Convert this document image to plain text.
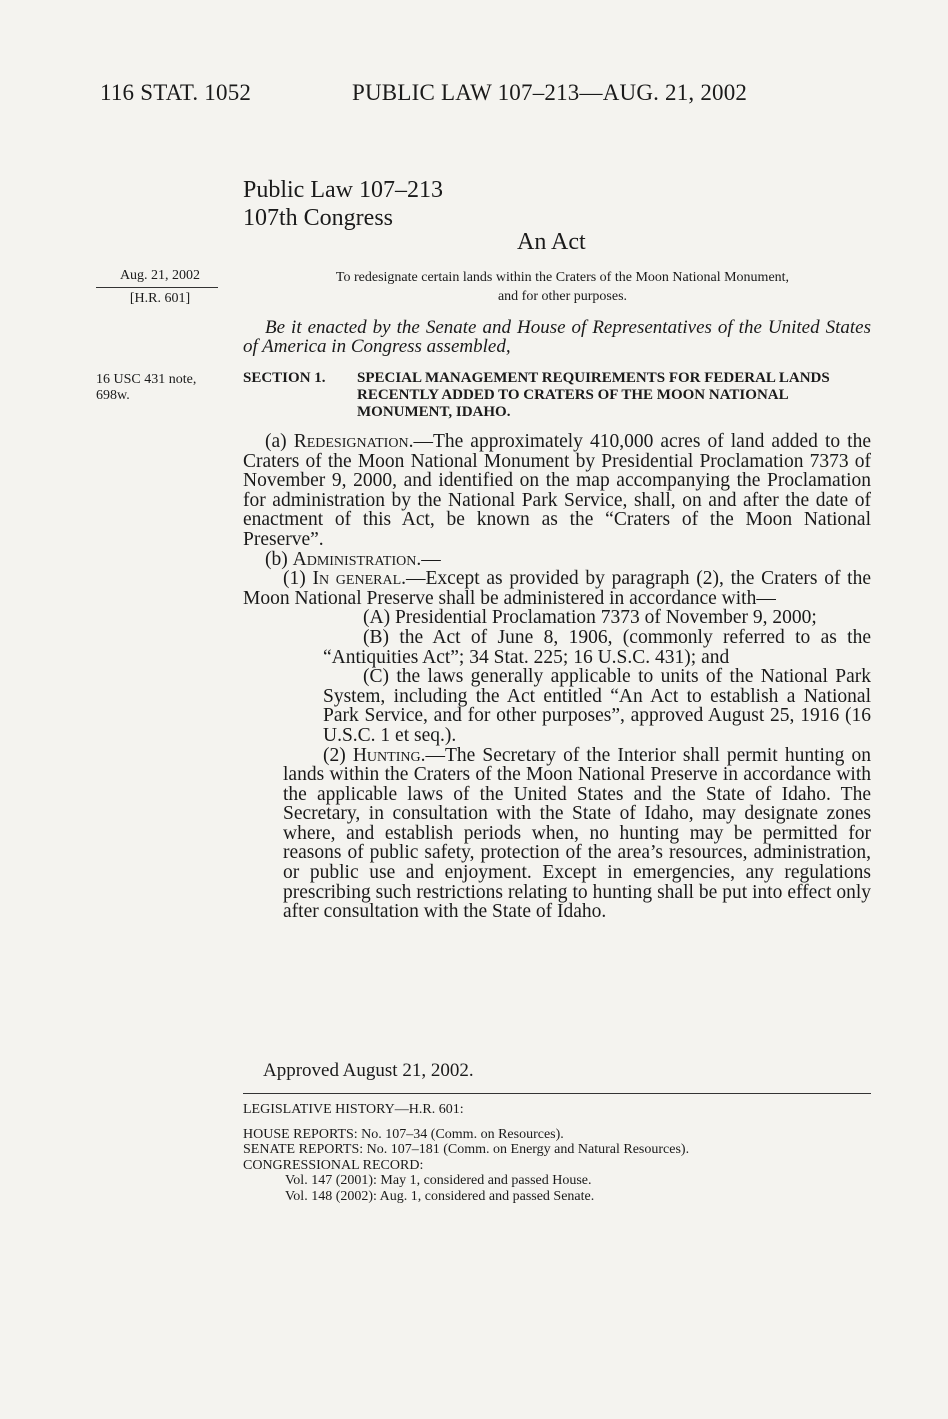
116 STAT. 1052	PUBLIC LAW 107–213—AUG. 21, 2002
Public Law 107–213
107th Congress
An Act
Aug. 21, 2002
[H.R. 601]
To redesignate certain lands within the Craters of the Moon National Monument,
and for other purposes.

Be it enacted by the Senate and House of Representatives of the United States of America in Congress assembled,

16 USC 431 note,
698w.
SECTION 1. SPECIAL MANAGEMENT REQUIREMENTS FOR FEDERAL LANDS RECENTLY ADDED TO CRATERS OF THE MOON NATIONAL MONUMENT, IDAHO.

(a) Redesignation.—The approximately 410,000 acres of land added to the Craters of the Moon National Monument by Presidential Proclamation 7373 of November 9, 2000, and identified on the map accompanying the Proclamation for administration by the National Park Service, shall, on and after the date of enactment of this Act, be known as the “Craters of the Moon National Preserve”.

(b) Administration.—

(1) In general.—Except as provided by paragraph (2), the Craters of the Moon National Preserve shall be administered in accordance with—

(A) Presidential Proclamation 7373 of November 9, 2000;

(B) the Act of June 8, 1906, (commonly referred to as the “Antiquities Act”; 34 Stat. 225; 16 U.S.C. 431); and

(C) the laws generally applicable to units of the National Park System, including the Act entitled “An Act to establish a National Park Service, and for other purposes”, approved August 25, 1916 (16 U.S.C. 1 et seq.).

(2) Hunting.—The Secretary of the Interior shall permit hunting on lands within the Craters of the Moon National Preserve in accordance with the applicable laws of the United States and the State of Idaho. The Secretary, in consultation with the State of Idaho, may designate zones where, and establish periods when, no hunting may be permitted for reasons of public safety, protection of the area’s resources, administration, or public use and enjoyment. Except in emergencies, any regulations prescribing such restrictions relating to hunting shall be put into effect only after consultation with the State of Idaho.

Approved August 21, 2002.

LEGISLATIVE HISTORY—H.R. 601:

HOUSE REPORTS: No. 107–34 (Comm. on Resources).

SENATE REPORTS: No. 107–181 (Comm. on Energy and Natural Resources).

CONGRESSIONAL RECORD:

Vol. 147 (2001): May 1, considered and passed House.

Vol. 148 (2002): Aug. 1, considered and passed Senate.
